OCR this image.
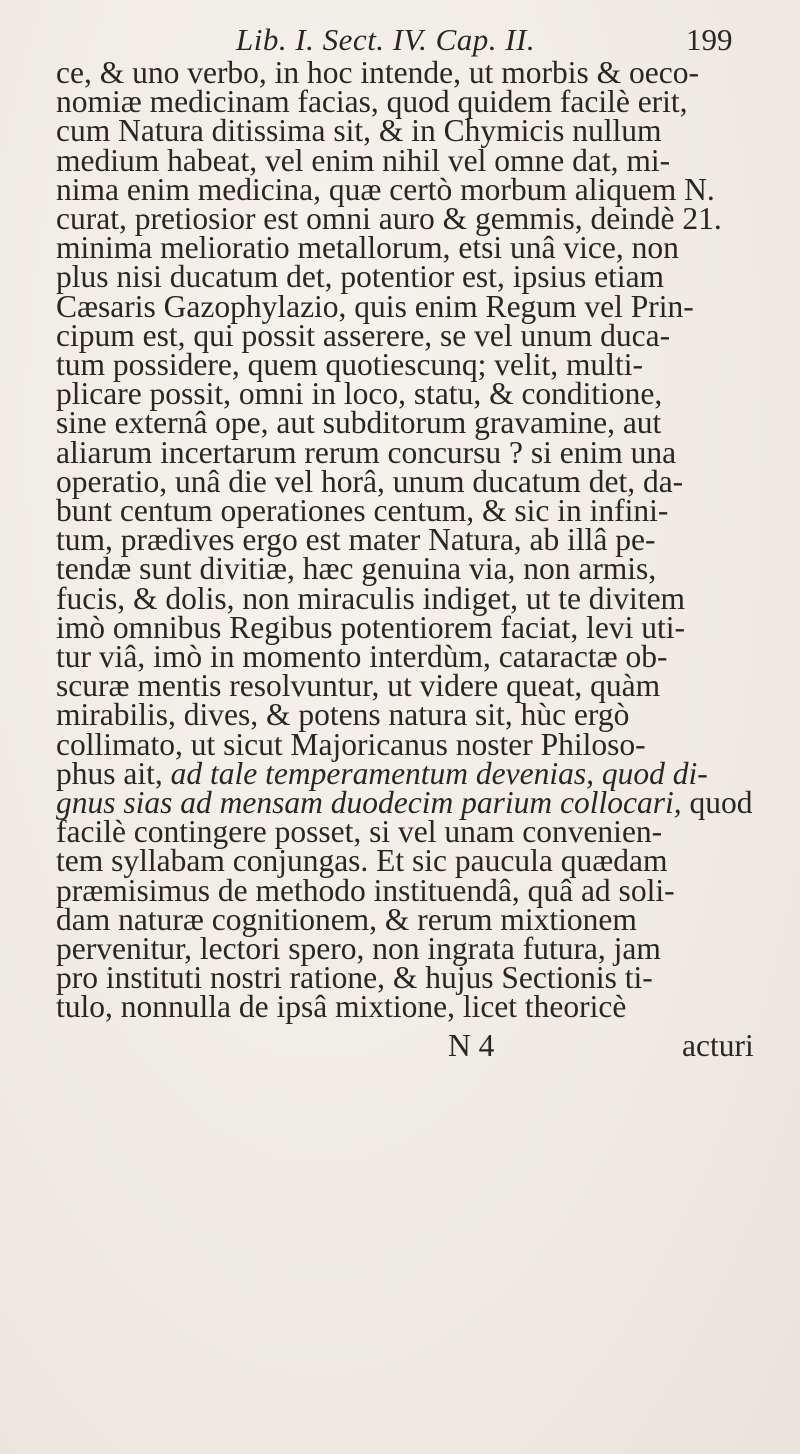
Lib. I. Sect. IV. Cap. II.	199
ce, & uno verbo, in hoc intende, ut morbis & oeco-
nomiæ medicinam facias, quod quidem facilè erit,
cum Natura ditissima sit, & in Chymicis nullum
medium habeat, vel enim nihil vel omne dat, mi-
nima enim medicina, quæ certò morbum aliquem N.
curat, pretiosior est omni auro & gemmis, deindè 21.
minima melioratio metallorum, etsi unâ vice, non
plus nisi ducatum det, potentior est, ipsius etiam
Cæsaris Gazophylazio, quis enim Regum vel Prin-
cipum est, qui possit asserere, se vel unum duca-
tum possidere, quem quotiescunq; velit, multi-
plicare possit, omni in loco, statu, & conditione,
sine externâ ope, aut subditorum gravamine, aut
aliarum incertarum rerum concursu ? si enim una
operatio, unâ die vel horâ, unum ducatum det, da-
bunt centum operationes centum, & sic in infini-
tum, prædives ergo est mater Natura, ab illâ pe-
tendæ sunt divitiæ, hæc genuina via, non armis,
fucis, & dolis, non miraculis indiget, ut te divitem
imò omnibus Regibus potentiorem faciat, levi uti-
tur viâ, imò in momento interdùm, cataractæ ob-
scuræ mentis resolvuntur, ut videre queat, quàm
mirabilis, dives, & potens natura sit, hùc ergò
collimato, ut sicut Majoricanus noster Philoso-
phus ait, ad tale temperamentum devenias, quod di-
gnus sias ad mensam duodecim parium collocari, quod
facilè contingere posset, si vel unam convenien-
tem syllabam conjungas. Et sic paucula quædam
præmisimus de methodo instituendâ, quâ ad soli-
dam naturæ cognitionem, & rerum mixtionem
pervenitur, lectori spero, non ingrata futura, jam
pro instituti nostri ratione, & hujus Sectionis ti-
tulo, nonnulla de ipsâ mixtione, licet theoricè
N 4	acturi
